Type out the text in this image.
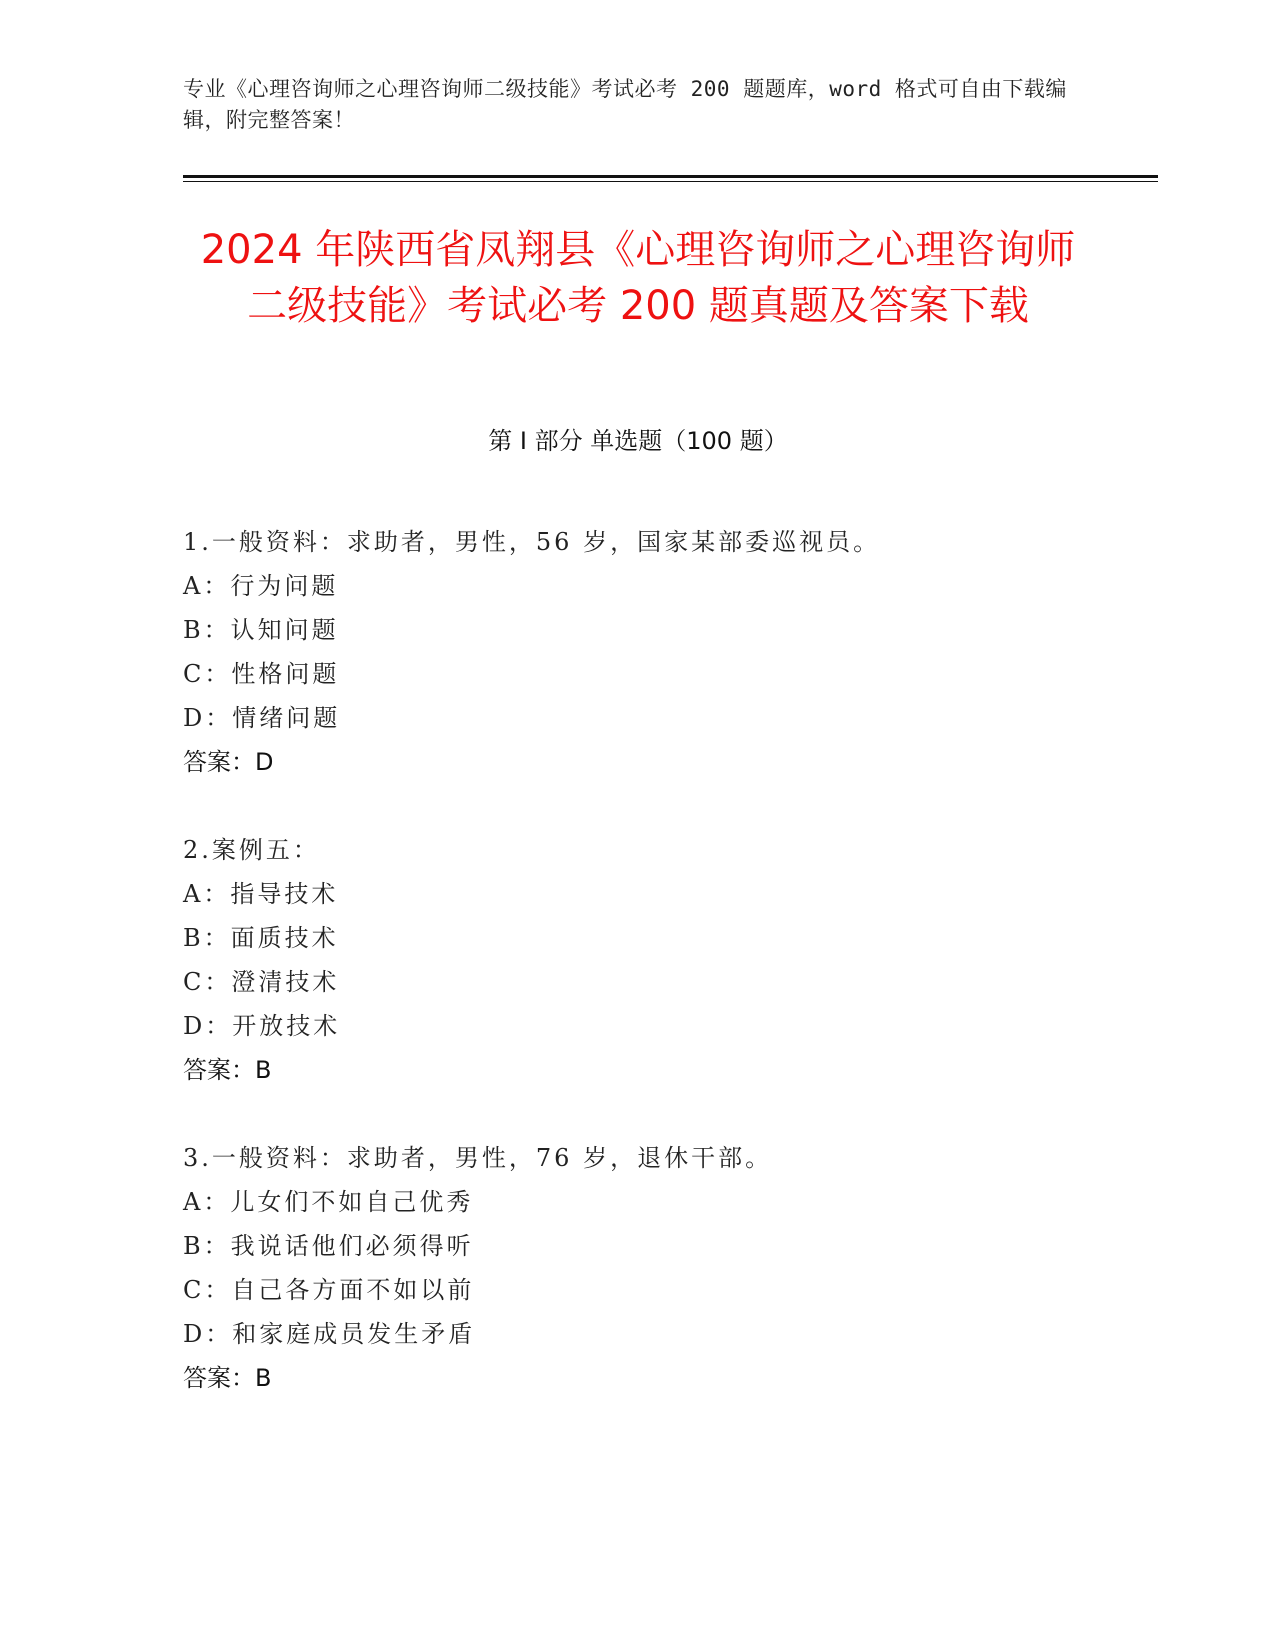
专业《心理咨询师之心理咨询师二级技能》考试必考 200 题题库，word 格式可自由下载编辑，附完整答案！
2024 年陕西省凤翔县《心理咨询师之心理咨询师二级技能》考试必考 200 题真题及答案下载
第 I 部分 单选题（100 题）
1.一般资料：求助者，男性，56 岁，国家某部委巡视员。
A：行为问题
B：认知问题
C：性格问题
D：情绪问题
答案：D
2.案例五：
A：指导技术
B：面质技术
C：澄清技术
D：开放技术
答案：B
3.一般资料：求助者，男性，76 岁，退休干部。
A：儿女们不如自己优秀
B：我说话他们必须得听
C：自己各方面不如以前
D：和家庭成员发生矛盾
答案：B
